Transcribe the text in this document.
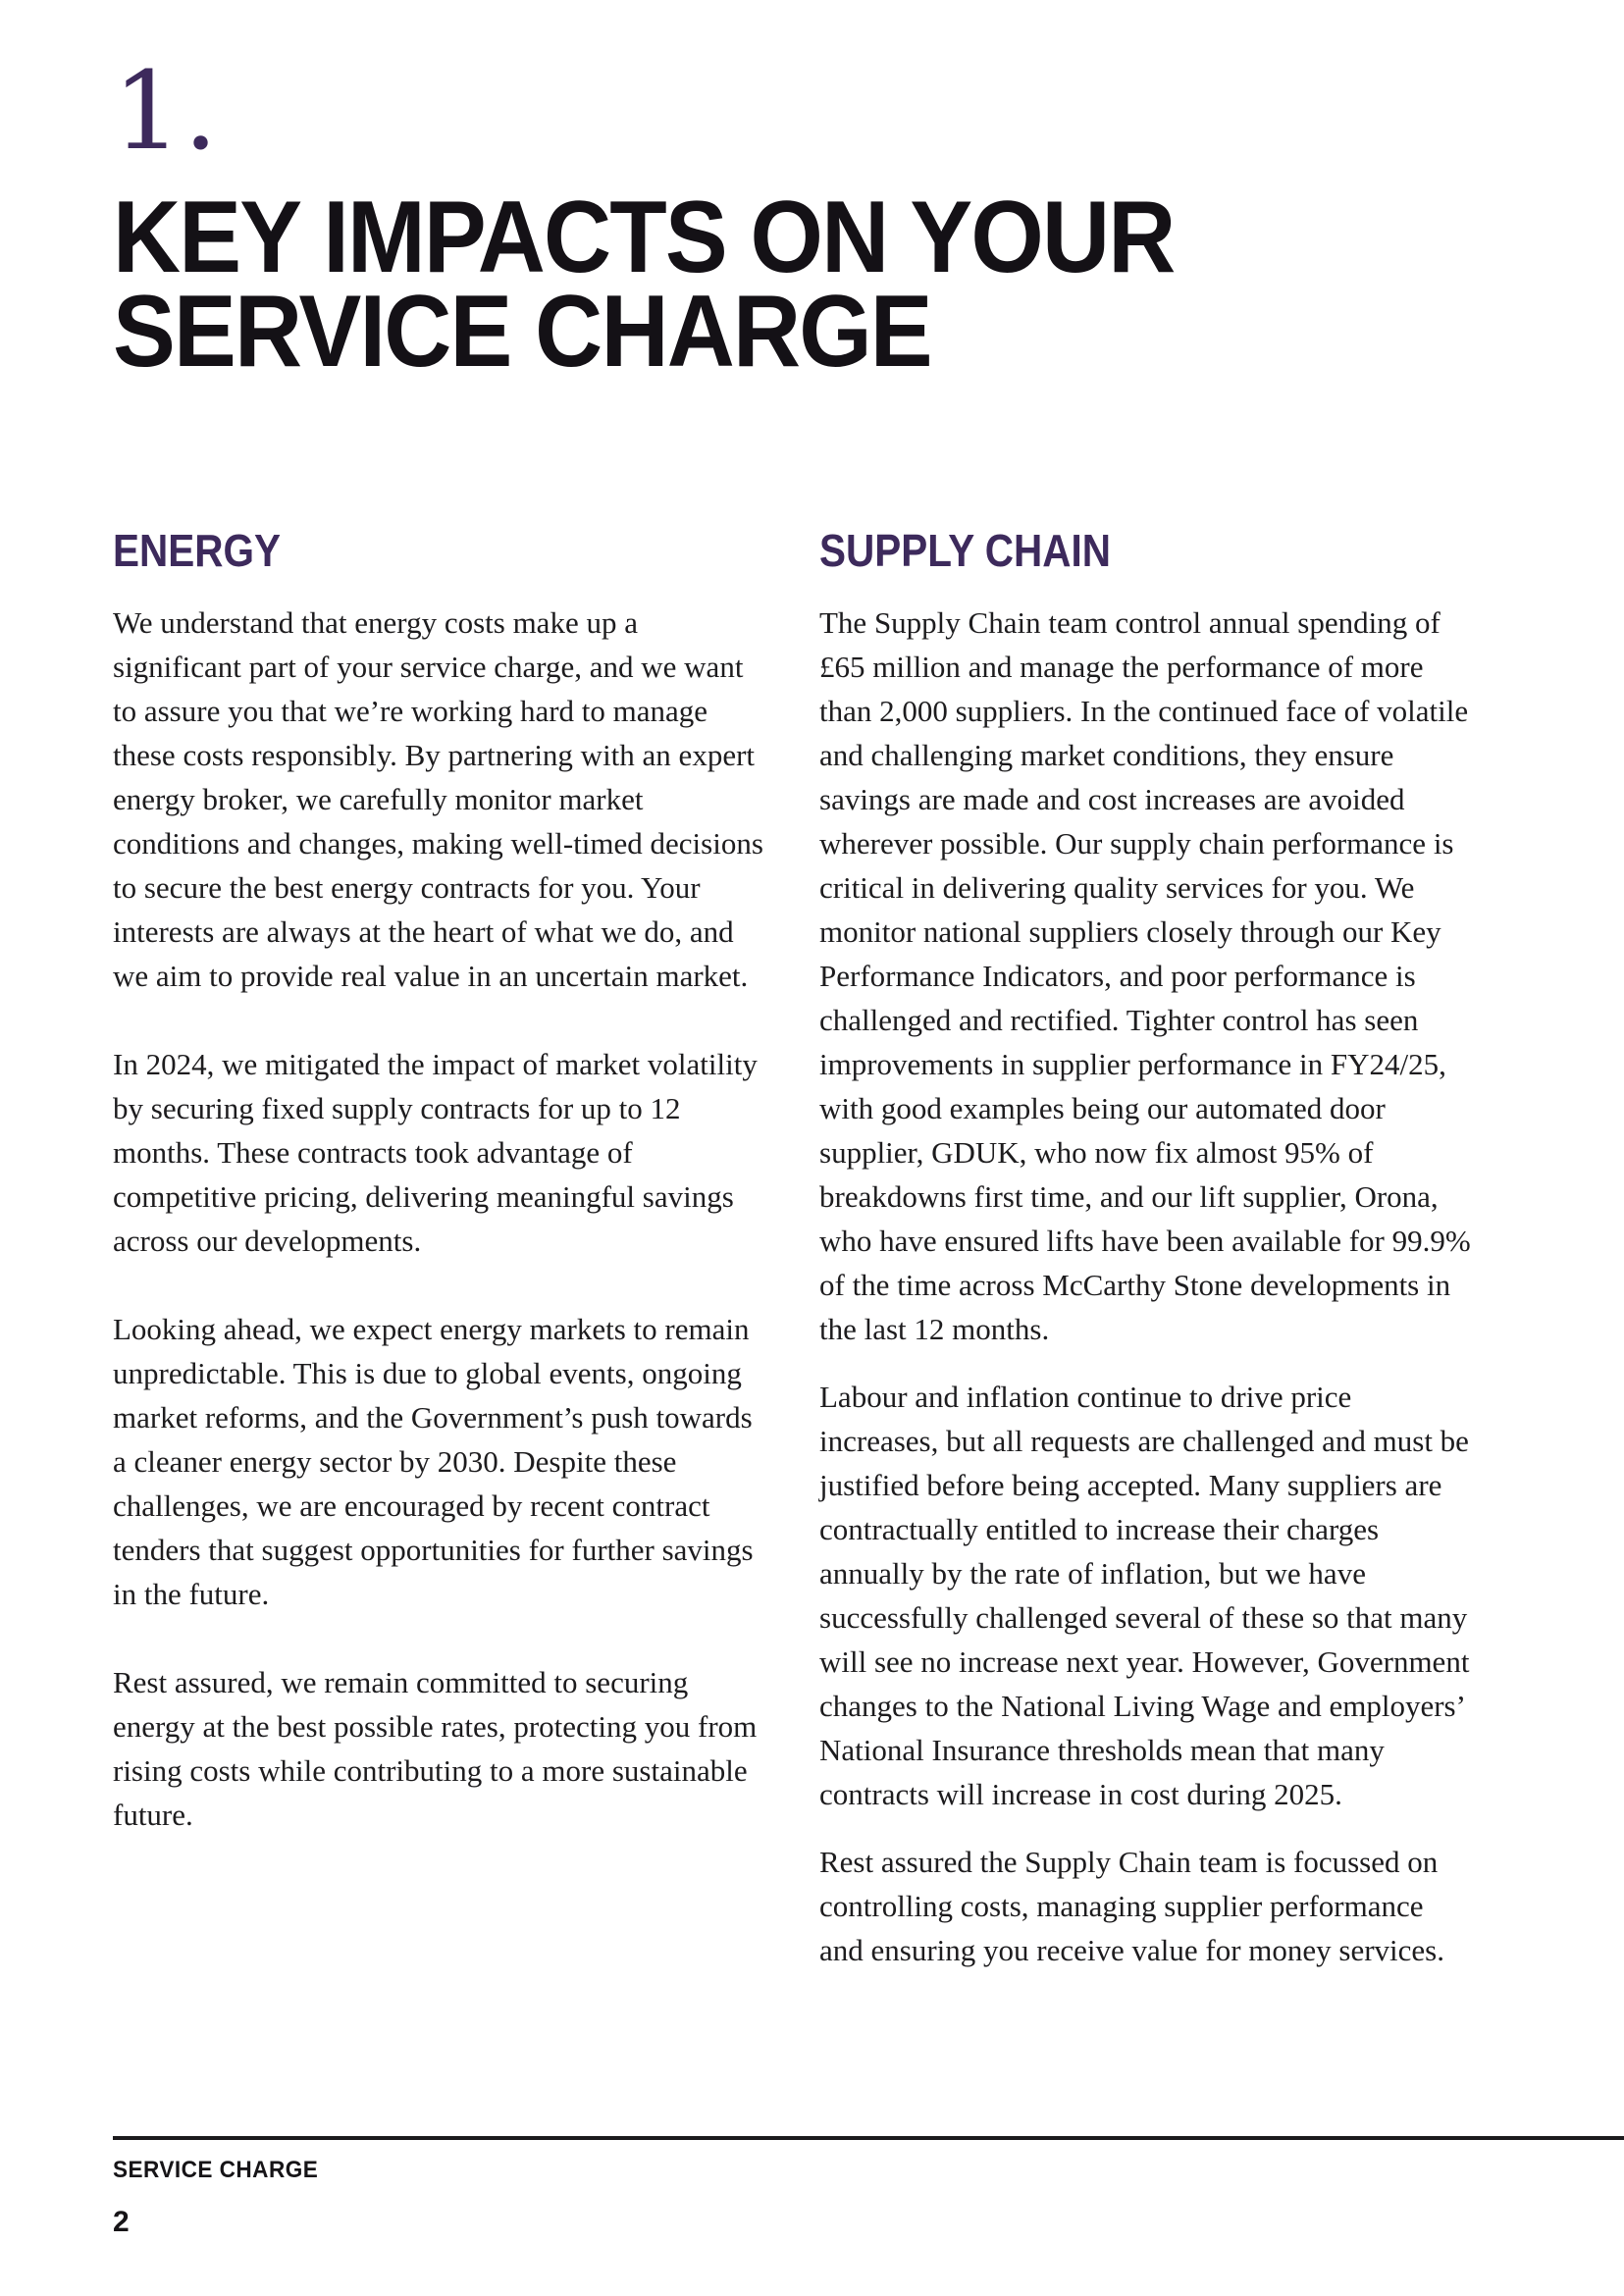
1.
KEY IMPACTS ON YOUR
SERVICE CHARGE
ENERGY

We understand that energy costs make up a significant part of your service charge, and we want to assure you that we’re working hard to manage these costs responsibly. By partnering with an expert energy broker, we carefully monitor market conditions and changes, making well-timed decisions to secure the best energy contracts for you. Your interests are always at the heart of what we do, and we aim to provide real value in an uncertain market.

In 2024, we mitigated the impact of market volatility by securing fixed supply contracts for up to 12 months. These contracts took advantage of competitive pricing, delivering meaningful savings across our developments.

Looking ahead, we expect energy markets to remain unpredictable. This is due to global events, ongoing market reforms, and the Government’s push towards a cleaner energy sector by 2030. Despite these challenges, we are encouraged by recent contract tenders that suggest opportunities for further savings in the future.

Rest assured, we remain committed to securing energy at the best possible rates, protecting you from rising costs while contributing to a more sustainable future.

SUPPLY CHAIN

The Supply Chain team control annual spending of £65 million and manage the performance of more than 2,000 suppliers. In the continued face of volatile and challenging market conditions, they ensure savings are made and cost increases are avoided wherever possible. Our supply chain performance is critical in delivering quality services for you. We monitor national suppliers closely through our Key Performance Indicators, and poor performance is challenged and rectified. Tighter control has seen improvements in supplier performance in FY24/25, with good examples being our automated door supplier, GDUK, who now fix almost 95% of breakdowns first time, and our lift supplier, Orona, who have ensured lifts have been available for 99.9% of the time across McCarthy Stone developments in the last 12 months.

Labour and inflation continue to drive price increases, but all requests are challenged and must be justified before being accepted. Many suppliers are contractually entitled to increase their charges annually by the rate of inflation, but we have successfully challenged several of these so that many will see no increase next year. However, Government changes to the National Living Wage and employers’ National Insurance thresholds mean that many contracts will increase in cost during 2025.

Rest assured the Supply Chain team is focussed on controlling costs, managing supplier performance and ensuring you receive value for money services.

SERVICE CHARGE
2
